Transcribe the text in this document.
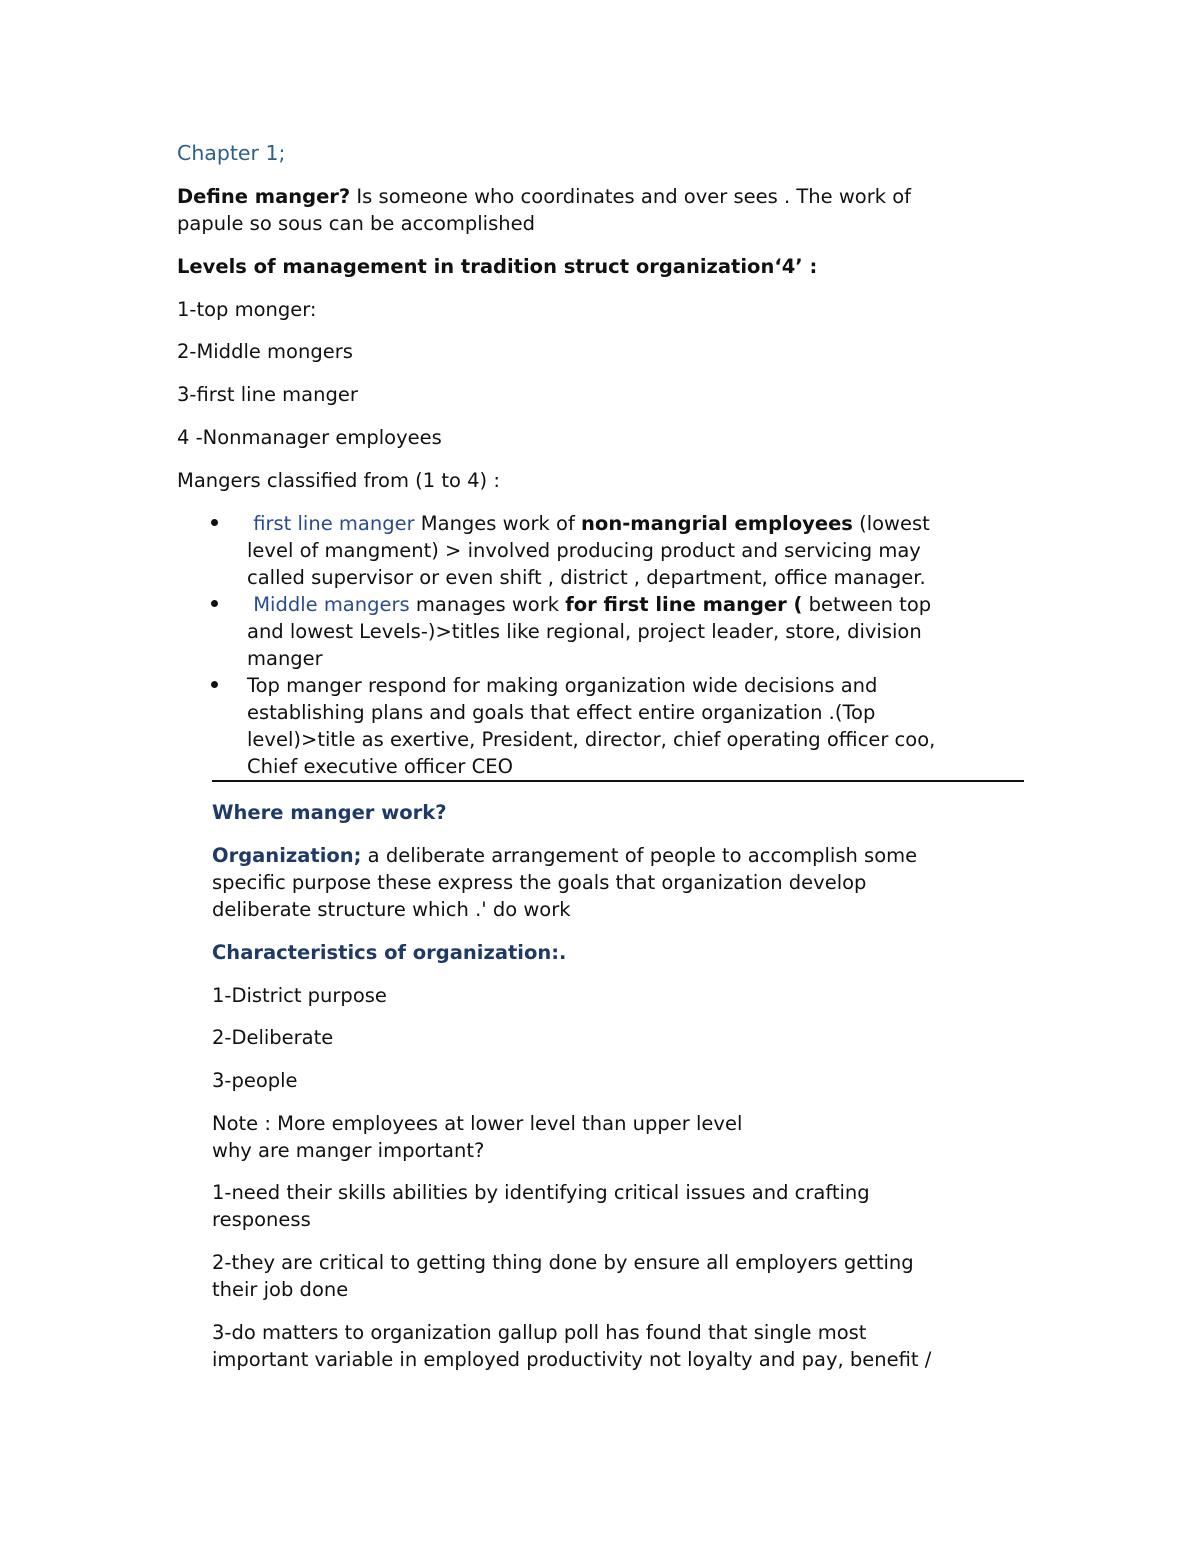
Chapter 1;

Define manger? Is someone who coordinates and over sees . The work of

papule so sous can be accomplished

Levels of management in tradition struct organization‘4’ :

1-top monger:

2-Middle mongers

3-first line manger

4 -Nonmanager employees

Mangers classified from (1 to 4) :

first line manger Manges work of non-mangrial employees (lowest

level of mangment) > involved producing product and servicing may

called supervisor or even shift , district , department, office manager.

Middle mangers manages work for first line manger ( between top

and lowest Levels-)>titles like regional, project leader, store, division

manger

Top manger respond for making organization wide decisions and

establishing plans and goals that effect entire organization .(Top

level)>title as exertive, President, director, chief operating officer coo,

Chief executive officer CEO

Where manger work?

Organization; a deliberate arrangement of people to accomplish some

specific purpose these express the goals that organization develop

deliberate structure which .' do work

Characteristics of organization:.

1-District purpose

2-Deliberate

3-people

Note : More employees at lower level than upper level

why are manger important?

1-need their skills abilities by identifying critical issues and crafting

responess

2-they are critical to getting thing done by ensure all employers getting

their job done

3-do matters to organization gallup poll has found that single most

important variable in employed productivity not loyalty and pay, benefit /
